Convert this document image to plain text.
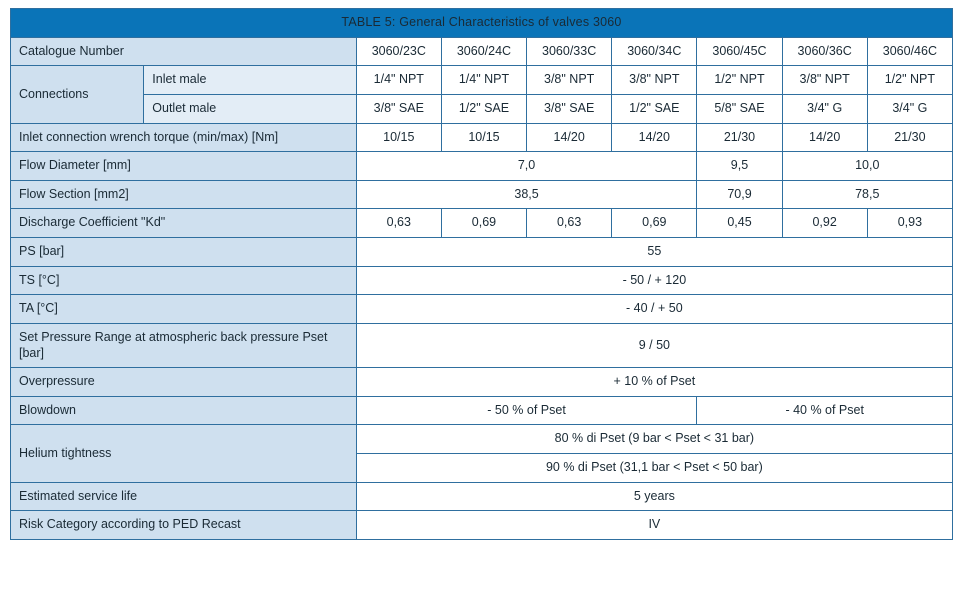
TABLE 5: General Characteristics of valves 3060								
Catalogue Number		3060/23C	3060/24C	3060/33C	3060/34C	3060/45C	3060/36C	3060/46C
Connections	Inlet male	1/4" NPT	1/4" NPT	3/8" NPT	3/8" NPT	1/2" NPT	3/8" NPT	1/2" NPT
	Outlet male	3/8" SAE	1/2" SAE	3/8" SAE	1/2" SAE	5/8" SAE	3/4" G	3/4" G
Inlet connection wrench torque (min/max) [Nm]		10/15	10/15	14/20	14/20	21/30	14/20	21/30
Flow Diameter [mm]		7,0				9,5	10,0	
Flow Section [mm2]		38,5				70,9	78,5	
Discharge Coefficient "Kd"		0,63	0,69	0,63	0,69	0,45	0,92	0,93
PS [bar]		55						
TS [°C]		- 50 / + 120						
TA [°C]		- 40 / + 50						
Set Pressure Range at atmospheric back pressure Pset [bar]		9 / 50						
Overpressure		+ 10 % of Pset						
Blowdown		- 50 % of Pset				- 40 % of Pset		
Helium tightness		80 % di Pset (9 bar < Pset < 31 bar)						
		90 % di Pset (31,1 bar < Pset < 50 bar)						
Estimated service life		5 years						
Risk Category according to PED Recast		IV						
